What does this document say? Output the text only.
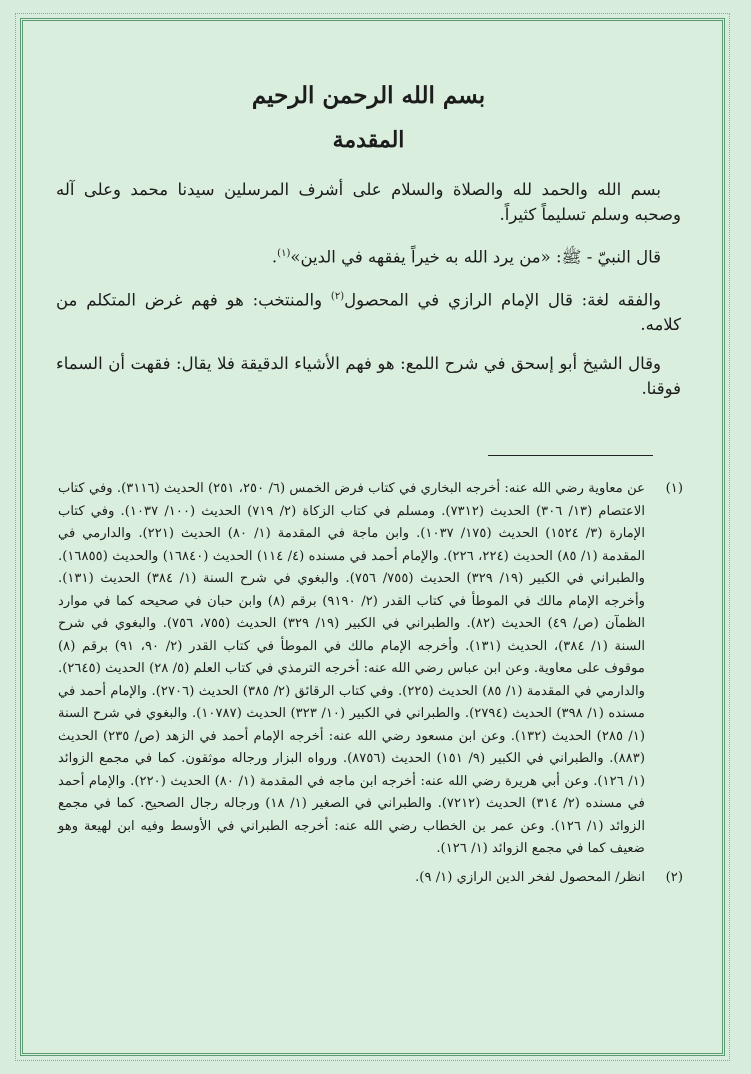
بسم الله الرحمن الرحيم
المقدمة

بسم الله والحمد لله والصلاة والسلام على أشرف المرسلين سيدنا محمد وعلى آله وصحبه وسلم تسليماً كثيراً.

قال النبيّ - ﷺ: «من يرد الله به خيراً يفقهه في الدين»$^{(١)}$.

والفقه لغة: قال الإمام الرازي في المحصول$^{(٢)}$ والمنتخب: هو فهم غرض المتكلم من كلامه.

وقال الشيخ أبو إسحق في شرح اللمع: هو فهم الأشياء الدقيقة فلا يقال: فقهت أن السماء فوقنا.

(١)
عن معاوية رضي الله عنه: أخرجه البخاري في كتاب فرض الخمس (٦/ ٢٥٠، ٢٥١) الحديث (٣١١٦). وفي كتاب الاعتصام (١٣/ ٣٠٦) الحديث (٧٣١٢). ومسلم في كتاب الزكاة (٢/ ٧١٩) الحديث (١٠٠/ ١٠٣٧). وفي كتاب الإمارة (٣/ ١٥٢٤) الحديث (١٧٥/ ١٠٣٧). وابن ماجة في المقدمة (١/ ٨٠) الحديث (٢٢١). والدارمي في المقدمة (١/ ٨٥) الحديث (٢٢٤، ٢٢٦). والإمام أحمد في مسنده (٤/ ١١٤) الحديث (١٦٨٤٠) والحديث (١٦٨٥٥). والطبراني في الكبير (١٩/ ٣٢٩) الحديث (٧٥٥/ ٧٥٦). والبغوي في شرح السنة (١/ ٣٨٤) الحديث (١٣١). وأخرجه الإمام مالك في الموطأ في كتاب القدر (٢/ ٩١٩٠) برقم (٨) وابن حبان في صحيحه كما في موارد الظمآن (ص/ ٤٩) الحديث (٨٢). والطبراني في الكبير (١٩/ ٣٢٩) الحديث (٧٥٥، ٧٥٦). والبغوي في شرح السنة (١/ ٣٨٤)، الحديث (١٣١). وأخرجه الإمام مالك في الموطأ في كتاب القدر (٢/ ٩٠، ٩١) برقم (٨) موقوف على معاوية. وعن ابن عباس رضي الله عنه: أخرجه الترمذي في كتاب العلم (٥/ ٢٨) الحديث (٢٦٤٥). والدارمي في المقدمة (١/ ٨٥) الحديث (٢٢٥). وفي كتاب الرقائق (٢/ ٣٨٥) الحديث (٢٧٠٦). والإمام أحمد في مسنده (١/ ٣٩٨) الحديث (٢٧٩٤). والطبراني في الكبير (١٠/ ٣٢٣) الحديث (١٠٧٨٧). والبغوي في شرح السنة (١/ ٢٨٥) الحديث (١٣٢). وعن ابن مسعود رضي الله عنه: أخرجه الإمام أحمد في الزهد (ص/ ٢٣٥) الحديث (٨٨٣). والطبراني في الكبير (٩/ ١٥١) الحديث (٨٧٥٦). ورواه البزار ورجاله موثقون. كما في مجمع الزوائد (١/ ١٢٦). وعن أبي هريرة رضي الله عنه: أخرجه ابن ماجه في المقدمة (١/ ٨٠) الحديث (٢٢٠). والإمام أحمد في مسنده (٢/ ٣١٤) الحديث (٧٢١٢). والطبراني في الصغير (١/ ١٨) ورجاله رجال الصحيح. كما في مجمع الزوائد (١/ ١٢٦). وعن عمر بن الخطاب رضي الله عنه: أخرجه الطبراني في الأوسط وفيه ابن لهيعة وهو ضعيف كما في مجمع الزوائد (١/ ١٢٦).
(٢)
انظر/ المحصول لفخر الدين الرازي (١/ ٩).
